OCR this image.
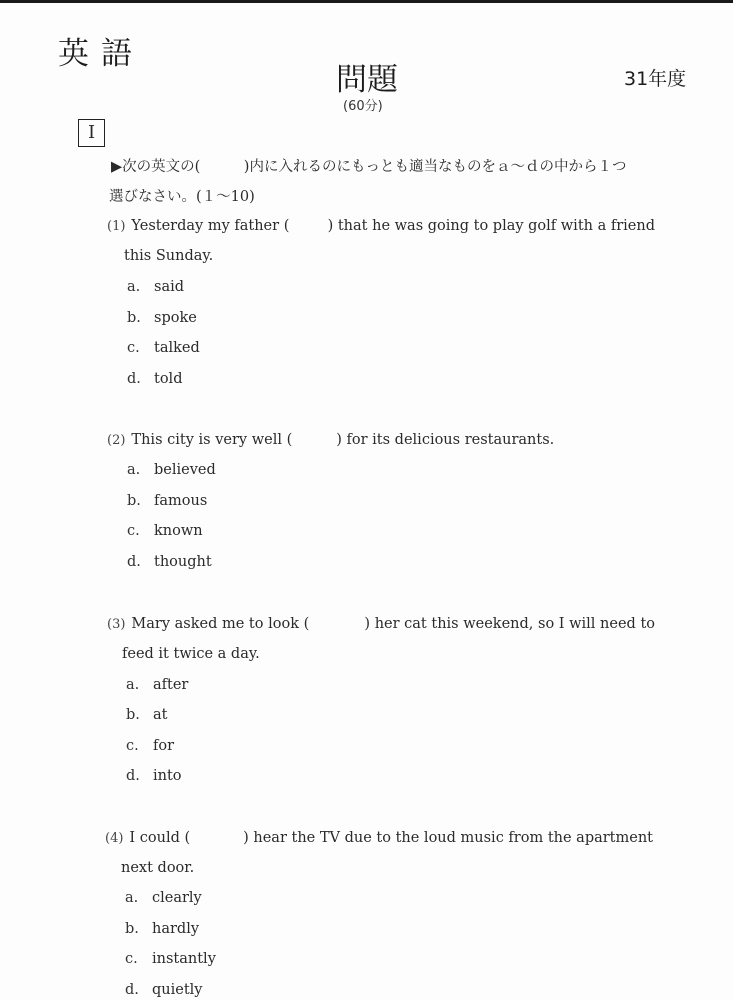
英語
問題
(60分)
31年度
I
▶次の英文の(　　　)内に入れるのにもっとも適当なものをａ～ｄの中から１つ
選びなさい。(１～10)
(1) Yesterday my father (	) that he was going to play golf with a friend
this Sunday.
a. said
b. spoke
c. talked
d. told
(2) This city is very well (	) for its delicious restaurants.
a. believed
b. famous
c. known
d. thought
(3) Mary asked me to look (	) her cat this weekend, so I will need to
feed it twice a day.
a. after
b. at
c. for
d. into
(4) I could (	) hear the TV due to the loud music from the apartment
next door.
a. clearly
b. hardly
c. instantly
d. quietly
